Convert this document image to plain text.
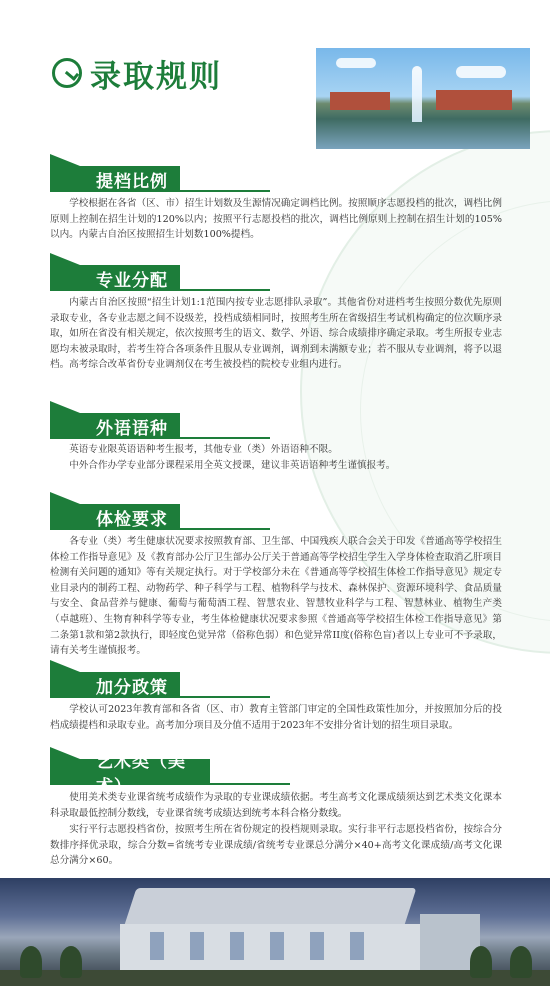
录取规则
提档比例

学校根据在各省（区、市）招生计划数及生源情况确定调档比例。按照顺序志愿投档的批次，调档比例原则上控制在招生计划的120%以内；按照平行志愿投档的批次，调档比例原则上控制在招生计划的105%以内。内蒙古自治区按照招生计划数100%提档。

专业分配

内蒙古自治区按照“招生计划1:1范围内按专业志愿排队录取”。其他省份对进档考生按照分数优先原则录取专业，各专业志愿之间不设级差，投档成绩相同时，按照考生所在省级招生考试机构确定的位次顺序录取，如所在省没有相关规定，依次按照考生的语文、数学、外语、综合成绩排序确定录取。考生所报专业志愿均未被录取时，若考生符合各项条件且服从专业调剂，调剂到未满额专业；若不服从专业调剂，将予以退档。高考综合改革省份专业调剂仅在考生被投档的院校专业组内进行。

外语语种

英语专业限英语语种考生报考，其他专业（类）外语语种不限。

中外合作办学专业部分课程采用全英文授课，建议非英语语种考生谨慎报考。

体检要求

各专业（类）考生健康状况要求按照教育部、卫生部、中国残疾人联合会关于印发《普通高等学校招生体检工作指导意见》及《教育部办公厅卫生部办公厅关于普通高等学校招生学生入学身体检查取消乙肝项目检测有关问题的通知》等有关规定执行。对于学校部分未在《普通高等学校招生体检工作指导意见》规定专业目录内的制药工程、动物药学、种子科学与工程、植物科学与技术、森林保护、资源环境科学、食品质量与安全、食品营养与健康、葡萄与葡萄酒工程、智慧农业、智慧牧业科学与工程、智慧林业、植物生产类（卓越班）、生物育种科学等专业，考生体检健康状况要求参照《普通高等学校招生体检工作指导意见》第二条第1款和第2款执行，即轻度色觉异常（俗称色弱）和色觉异常II度(俗称色盲)者以上专业可不予录取，请有关考生谨慎报考。

加分政策

学校认可2023年教育部和各省（区、市）教育主管部门审定的全国性政策性加分，并按照加分后的投档成绩提档和录取专业。高考加分项目及分值不适用于2023年不安排分省计划的招生项目录取。

艺术类（美术）

使用美术类专业课省统考成绩作为录取的专业课成绩依据。考生高考文化课成绩须达到艺术类文化课本科录取最低控制分数线，专业课省统考成绩达到统考本科合格分数线。

实行平行志愿投档省份，按照考生所在省份规定的投档规则录取。实行非平行志愿投档省份，按综合分数排序择优录取，综合分数=省统考专业课成绩/省统考专业课总分满分×40+高考文化课成绩/高考文化课总分满分×60。
